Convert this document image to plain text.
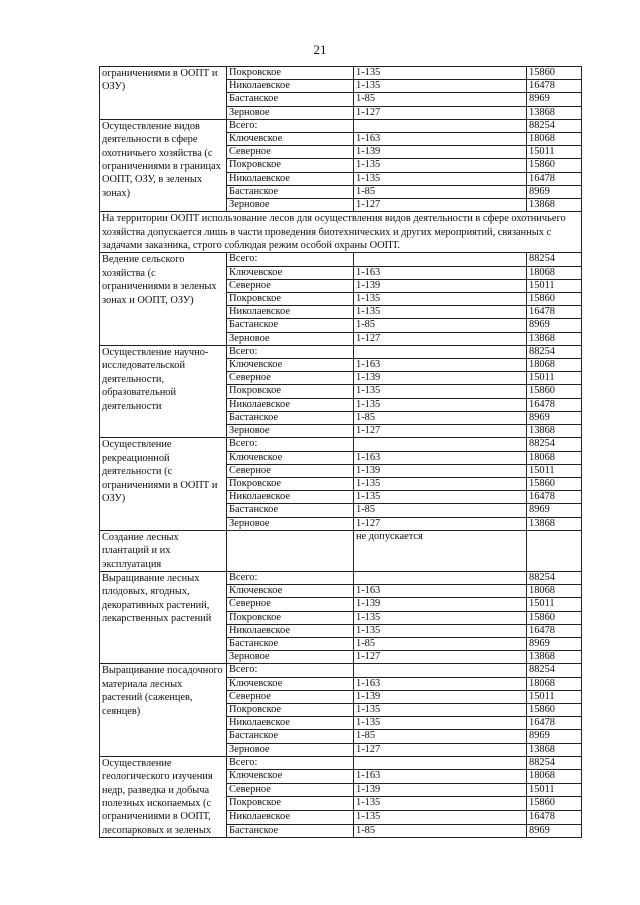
21
ограничениями в ООПТ и ОЗУ)	Покровское	1-135	15860
	Николаевское	1-135	16478
	Бастанское	1-85	8969
	Зерновое	1-127	13868
Осуществление видов деятельности в сфере охотничьего хозяйства (с ограничениями в границах ООПТ, ОЗУ, в зеленых зонах)	Всего:		88254
	Ключевское	1-163	18068
	Северное	1-139	15011
	Покровское	1-135	15860
	Николаевское	1-135	16478
	Бастанское	1-85	8969
	Зерновое	1-127	13868
На территории ООПТ использование лесов для осуществления видов деятельности в сфере охотничьего хозяйства допускается лишь в части проведения биотехнических и других мероприятий, связанных с задачами заказника, строго соблюдая режим особой охраны ООПТ.			
Ведение сельского хозяйства (с ограничениями в зеленых зонах и ООПТ, ОЗУ)	Всего:		88254
	Ключевское	1-163	18068
	Северное	1-139	15011
	Покровское	1-135	15860
	Николаевское	1-135	16478
	Бастанское	1-85	8969
	Зерновое	1-127	13868
Осуществление научно-исследовательской деятельности, образовательной деятельности	Всего:		88254
	Ключевское	1-163	18068
	Северное	1-139	15011
	Покровское	1-135	15860
	Николаевское	1-135	16478
	Бастанское	1-85	8969
	Зерновое	1-127	13868
Осуществление рекреационной деятельности (с ограничениями в ООПТ и ОЗУ)	Всего:		88254
	Ключевское	1-163	18068
	Северное	1-139	15011
	Покровское	1-135	15860
	Николаевское	1-135	16478
	Бастанское	1-85	8969
	Зерновое	1-127	13868
Создание лесных плантаций и их эксплуатация		не допускается	
Выращивание лесных плодовых, ягодных, декоративных растений, лекарственных растений	Всего:		88254
	Ключевское	1-163	18068
	Северное	1-139	15011
	Покровское	1-135	15860
	Николаевское	1-135	16478
	Бастанское	1-85	8969
	Зерновое	1-127	13868
Выращивание посадочного материала лесных растений (саженцев, сеянцев)	Всего:		88254
	Ключевское	1-163	18068
	Северное	1-139	15011
	Покровское	1-135	15860
	Николаевское	1-135	16478
	Бастанское	1-85	8969
	Зерновое	1-127	13868
Осуществление геологического изучения недр, разведка и добыча полезных ископаемых (с ограничениями в ООПТ, лесопарковых и зеленых	Всего:		88254
	Ключевское	1-163	18068
	Северное	1-139	15011
	Покровское	1-135	15860
	Николаевское	1-135	16478
	Бастанское	1-85	8969
